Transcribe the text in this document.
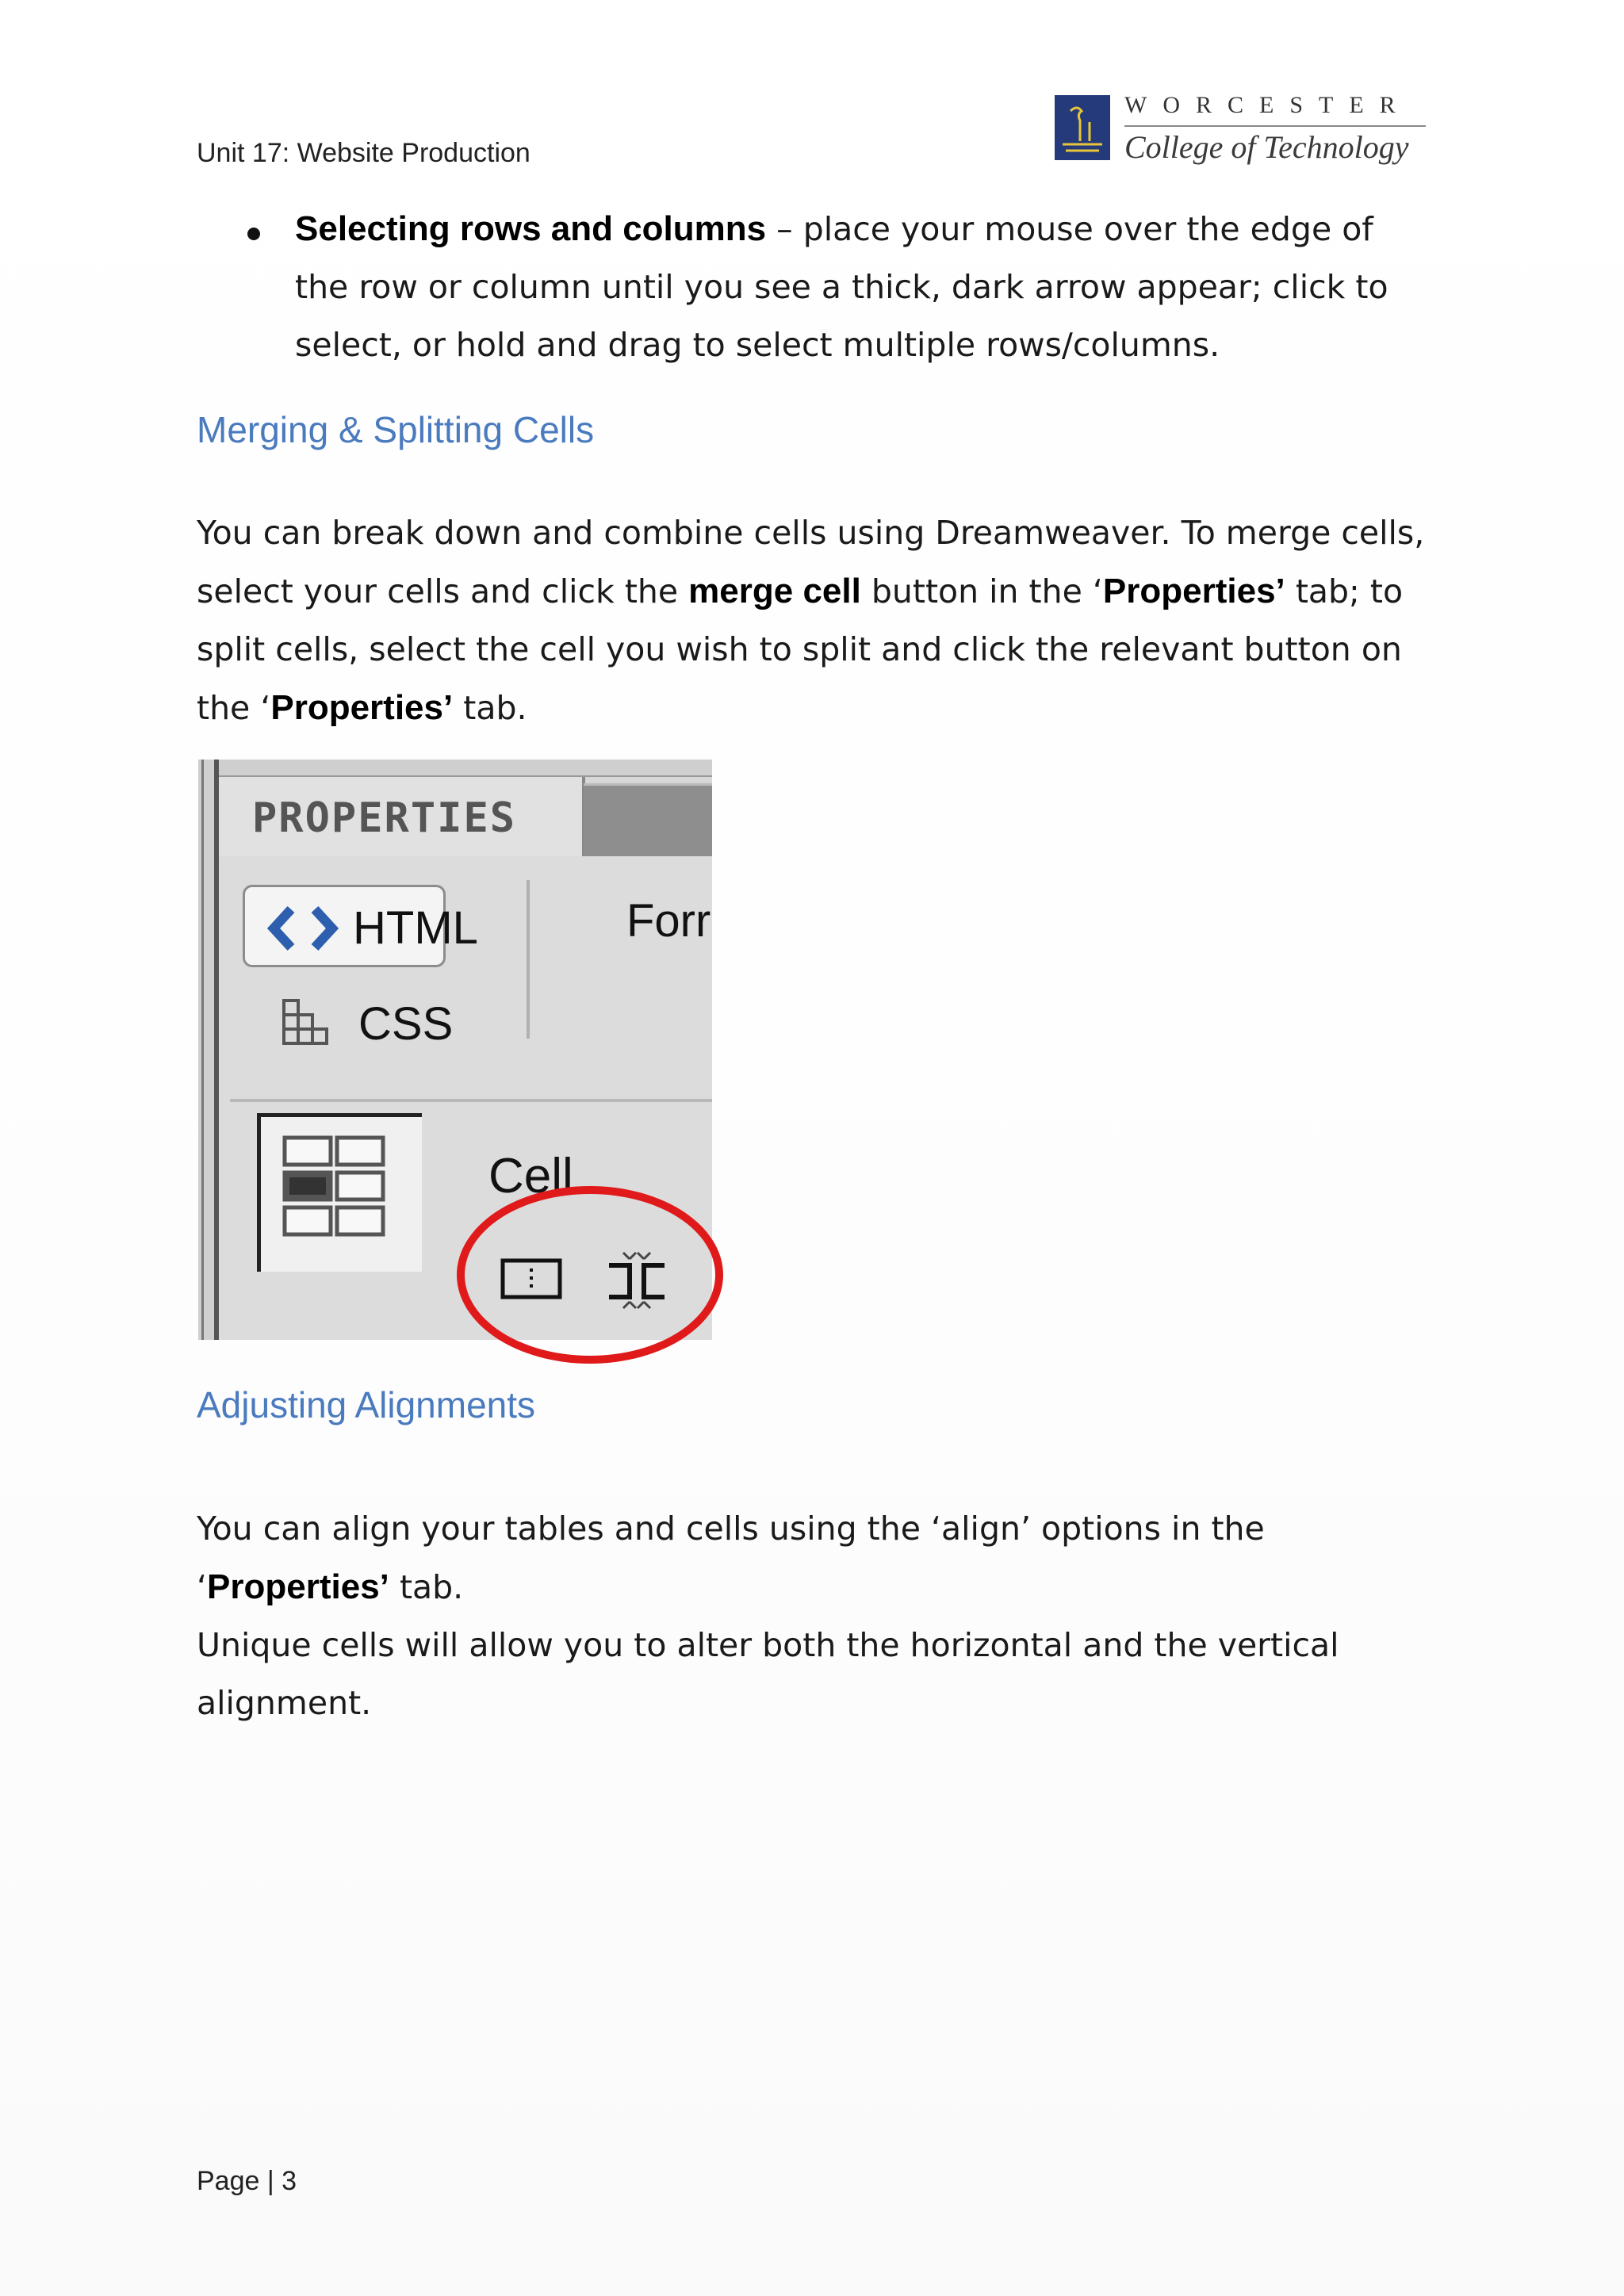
Unit 17: Website Production
WORCESTER
College of Technology
Selecting rows and columns – place your mouse over the edge of the row or column until you see a thick, dark arrow appear; click to select, or hold and drag to select multiple rows/columns.
Merging & Splitting Cells
You can break down and combine cells using Dreamweaver. To merge cells, select your cells and click the merge cell button in the ‘Properties’ tab; to split cells, select the cell you wish to split and click the relevant button on the ‘Properties’ tab.
PROPERTIES
HTML
CSS
Forr
Cell
Adjusting Alignments
You can align your tables and cells using the ‘align’ options in the ‘Properties’ tab.
Unique cells will allow you to alter both the horizontal and the vertical alignment.
Page | 3
